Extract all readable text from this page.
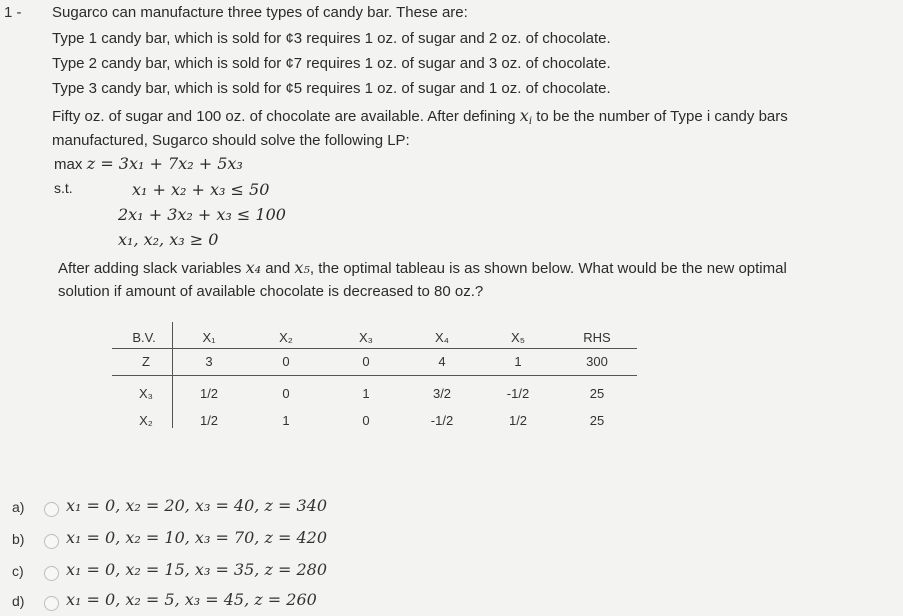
1 - Sugarco can manufacture three types of candy bar. These are:
Type 1 candy bar, which is sold for ¢3 requires 1 oz. of sugar and 2 oz. of chocolate.
Type 2 candy bar, which is sold for ¢7 requires 1 oz. of sugar and 3 oz. of chocolate.
Type 3 candy bar, which is sold for ¢5 requires 1 oz. of sugar and 1 oz. of chocolate.
Fifty oz. of sugar and 100 oz. of chocolate are available. After defining $x_i$ to be the number of Type i candy bars
manufactured, Sugarco should solve the following LP:
max z = 3x₁ + 7x₂ + 5x₃
s.t.	x₁ + x₂ + x₃ ≤ 50
2x₁ + 3x₂ + x₃ ≤ 100
x₁, x₂, x₃ ≥ 0
After adding slack variables x₄ and x₅, the optimal tableau is as shown below. What would be the new optimal
solution if amount of available chocolate is decreased to 80 oz.?
B.V.	X₁	X₂	X₃	X₄	X₅	RHS
Z	3	0	0	4	1	300
X₃	1/2	0	1	3/2	-1/2	25
X₂	1/2	1	0	-1/2	1/2	25
a)	x₁ = 0, x₂ = 20, x₃ = 40, z = 340
b)	x₁ = 0, x₂ = 10, x₃ = 70, z = 420
c)	x₁ = 0, x₂ = 15, x₃ = 35, z = 280
d)	x₁ = 0, x₂ = 5, x₃ = 45, z = 260
